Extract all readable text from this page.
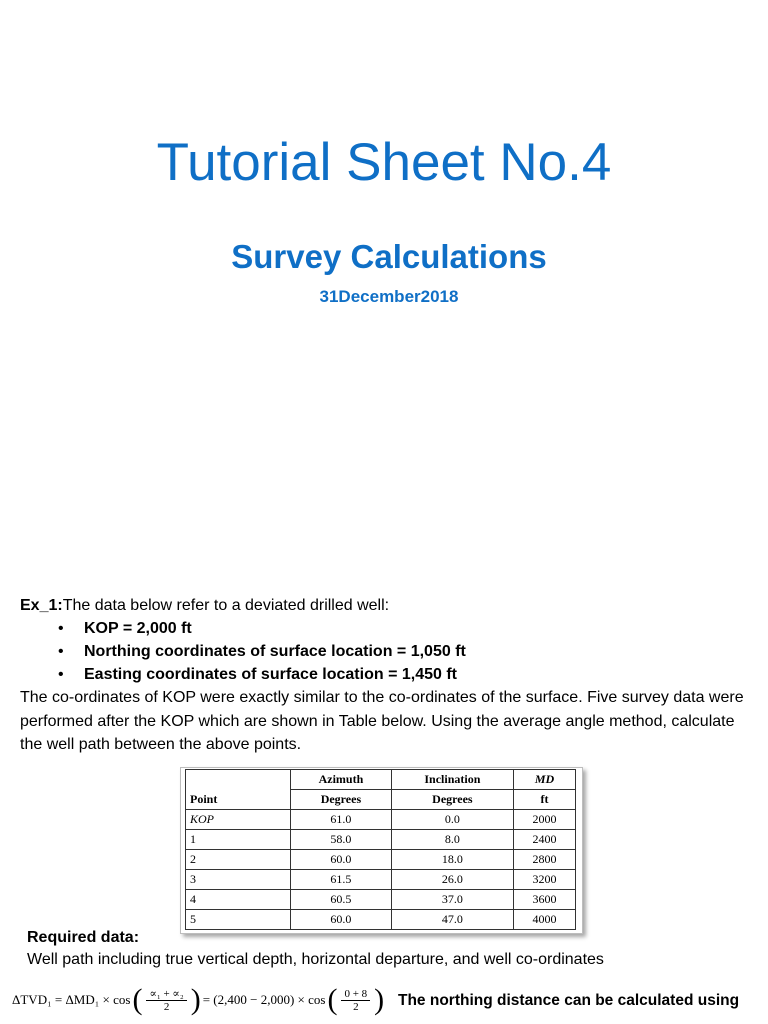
Tutorial Sheet No.4
Survey Calculations
31December2018
Ex_1:The data below refer to a deviated drilled well:
• KOP = 2,000 ft
• Northing coordinates of surface location = 1,050 ft
• Easting coordinates of surface location = 1,450 ft
The co-ordinates of KOP were exactly similar to the co-ordinates of the surface. Five survey data were performed after the KOP which are shown in Table below. Using the average angle method, calculate the well path between the above points.
	Azimuth	Inclination	MD
Point	Degrees	Degrees	ft
KOP	61.0	0.0	2000
1	58.0	8.0	2400
2	60.0	18.0	2800
3	61.5	26.0	3200
4	60.5	37.0	3600
5	60.0	47.0	4000
Required data:
Well path including true vertical depth, horizontal departure, and well co-ordinates
ΔTVD₁ = ΔMD₁ × cos ( $\frac{\text{∝₁ + ∝₂}}{2}$ ) = (2,400 − 2,000) × cos ( $\frac{0 + 8}{2}$ ) The northing distance can be calculated using
